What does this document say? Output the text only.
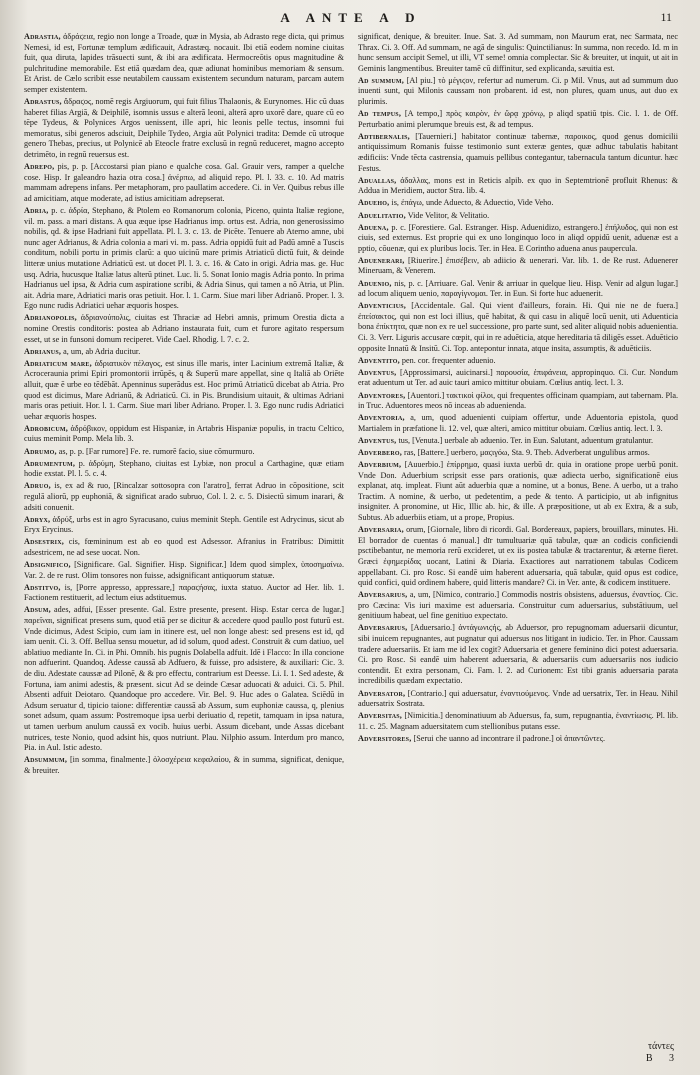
A ANTE A D	11

Adrastia, ἀδράϛεια, regio non longe a Troade, quæ in Mysia, ab Adrasto rege dicta, qui primus Nemesi, id est, Fortunæ templum ædificauit, Adrastæq. nocauit. Ibi etiā eodem nomine ciuitas fuit, qua diruta, lapides trāsuecti sunt, & ibi ara ædificata. Hermocreōtis opus magnitudine & pulchritudine memorabile. Est etiā quædam dea, quæ adiunat hominibus memoriam & sensum. Et Arist. de Cælo scribit esse neutabilem caussam existentem secundum naturam, parcam autem semper existentem.

Adrastus, ἄδραϛος, nomē regis Argiuorum, qui fuit filius Thalaonis, & Eurynomes. Hic cū duas haberet filias Argiā, & Deiphilē, isomnis ussus e alterā leoni, alterā apro uxorē dare, quare cū eo tēpe Tydeus, & Polynices Argos uenissent, ille apri, hic leonis pelle tectus, insomni fui memoratus, sibi generos adsciuit, Deiphile Tydeo, Argia aūt Polynici tradita: Demde cū utroque genero Thebas, precius, ut Polynicē ab Eteocle fratre exclusū in regnū reduceret, magno accepto detrimēto, in regnū reuersus est.

Adrepo, pis, p. p. [Accostarsi pian piano e qualche cosa. Gal. Grauir vers, ramper a quelche cose. Hisp. Ir galeandro hazia otra cosa.] ἀνέρπω, ad aliquid repo. Pl. l. 33. c. 10. Ad matris mammam adrepens infans. Per metaphoram, pro paullatim accedere. Ci. in Ver. Quibus rebus ille ad amicitiam, atque moderate, ad istius amicitiam adrepserat.

Adria, p. c. ἀδρία, Stephano, & Ptolem eo Romanorum colonia, Piceno, quinta Italiæ regione, vil. m. pass. a mari distans. A qua æque ipse Hadrianus imp. ortus est. Adria, non generosissimo nobilis, qd. & ipse Hadriani fuit appellata. Pl. l. 3. c. 13. de Picēte. Tenuere ab Aterno amne, ubi nunc ager Adrianus, & Adria colonia a mari vi. m. pass. Adria oppidū fuit ad Padū amnē a Tuscis conditum, nobili portu in primis clarū: a quo uicinū mare primis Atriaticū dictū fuit, & deinde litteræ unius mutatione Adriaticū est. ut docet Pl. l. 3. c. 16. & Cato in origi. Adria mas. ge. Huc usq. Adria, hucusque Italiæ latus alterū ptinet. Luc. li. 5. Sonat Ionio magis Adria ponto. In prima Hadrianus uel ipsa, & Adria cum aspiratione scribi, & Adria Sinus, qui tamen a nō Atria, ut Plin. ait. Adria mare, Adriatici maris oras petiuit. Hor. l. 1. Carm. Siue mari liber Adrianō. Proper. l. 3. Ego nunc rudis Adriatici uehar æquoris hospes.

Adrianopolis, ἀδριανούπολις, ciuitas est Thraciæ ad Hebri amnis, primum Orestia dicta a nomine Orestis conditoris: postea ab Adriano instaurata fuit, cum et furore agitato respersum esset, ut se in funsoni domum reciperet. Vide Cael. Rhodig. l. 7. c. 2.

Adrianus, a, um, ab Adria ducitur.

Adriaticum mare, ἀδριατικὸν πέλαγος, est sinus ille maris, inter Lacinium extremā Italiæ, & Acroceraunia primi Epiri promontorii irrūpēs, q & Superū mare appellat, sine q Italiā ab Oriēte alluit, quæ ē urbe eo tēdēbāt. Apenninus superādus est. Hoc primū Atriaticū dicebat ab Atria. Pro quod est dicimus, Mare Adrianū, & Adriaticū. Ci. in Pis. Brundisium uitauit, & ultimas Adriani maris oras petiuit. Hor. l. 1. Carm. Siue mari liber Adriano. Proper. l. 3. Ego nunc rudis Adriatici uehar æquoris hospes.

Adrobicum, ἀδρόβικον, oppidum est Hispaniæ, in Artabris Hispaniæ populis, in tractu Celtico, cuius meminit Pomp. Mela lib. 3.

Adrumo, as, p. p. [Far rumore] Fe. re. rumorē facio, siue cōmurmuro.

Adrumentum, p. ἀδρύμη, Stephano, ciuitas est Lybiæ, non procul a Carthagine, quæ etiam hodie exstat. Pl. l. 5. c. 4.

Adruo, is, ex ad & ruo, [Rincalzar sottosopra con l'aratro], ferrat Adruo in cōpositione, scit regulā aliorū, pp euphoniā, & significat arado subruo, Col. l. 2. c. 5. Disiectū simum inarari, & adsiti conuenit.

Adryx, ἀδρύξ, urbs est in agro Syracusano, cuius meminit Steph. Gentile est Adrycinus, sicut ab Eryx Erycinus.

Adsestrix, cis, fœmininum est ab eo quod est Adsessor. Afranius in Fratribus: Dimittit adsestricem, ne ad sese uocat. Non.

Adsignifico, [Significare. Gal. Signifier. Hisp. Significar.] Idem quod simplex, ὑποσημαίνω. Var. 2. de re rust. Olim tonsores non fuisse, adsignificant antiquorum statuæ.

Adstitvo, is, [Porre appresso, appressare,] παραϛήσας, iuxta statuo. Auctor ad Her. lib. 1. Factionem restituerit, ad lectum eius adstituemus.

Adsum, ades, adfui, [Esser presente. Gal. Estre presente, present. Hisp. Estar cerca de lugar.] παρεῖναι, significat presens sum, quod etiā per se dicitur & accedere quod paullo post futurū est. Vnde dicimus, Adest Scipio, cum iam in itinere est, uel non longe abest: sed presens est id, qd iam uenit. Ci. 3. Off. Bellua sensu mouetur, ad id solum, quod adest. Construit & cum datiuo, uel ablatiuo mediante In. Ci. in Phi. Omnib. his pugnis Dolabella adfuit. Idē i Flacco: In illa concione non adfuerint. Quandoq. Adesse caussā ab Adfuero, & fuisse, pro adsistere, & auxiliari: Cic. 3. de diu. Adestate caussæ ad Pilonē, & & pro effectu, contrarium est Deesse. Li. I. 1. Sed adeste, & Fortuna, iam animi adestis, & præsent. sicut Ad se deinde Cæsar aduocati & aduici. Ci. 5. Phil. Absenti adfuit Deiotaro. Quandoque pro accedere. Vir. Bel. 9. Huc ades o Galatea. Sciēdū in Adsum seruatur d, tipicio taione: differentiæ caussā ab Assum, sum euphoniæ caussa, q, plenius sonet adsum, quam assum: Postremoque ipsa uerbi deriuatio d, repetit, tamquam in ipsa natura, ut tamen uerbum anulum caussā ex vocib. huius uerbi. Assum dicebant, unde Assas dicebant nutrices, teste Nonio, quod adsint his, quos nutriunt. Plau. Nilphio assum. Interdum pro manco, Pia. in Aul. Istic adesto.

Adsummum, [in somma, finalmente.] ὁλοσχέρεια κεφαλαίου, & in summa, significat, denique, & breuiter.

significat, denique, & breuiter. Inue. Sat. 3. Ad summam, non Maurum erat, nec Sarmata, nec Thrax. Ci. 3. Off. Ad summam, ne agā de singulis: Quinctilianus: In summa, non recedo. Id. m in hunc sensum accipit Semel, ut illi, VT seme! omnia complectar. Sic & breuiter, ut inquit, ut ait in Geminis langmentibus. Breuiter tamē cū diffinitur, sed explicanda, sæuitia est.

Ad summum, [Al piu.] τὸ μέγιϛον, refertur ad numerum. Ci. p Mil. Vnus, aut ad summum duo inuenti sunt, qui Milonis caussam non probarent. id est, non plures, quam unus, aut duo ex plurimis.

Ad tempus, [A tempo,] πρὸς καιρὸν, ἐν ὥρᾳ χρόνῳ, p aliqd spatiū tpis. Cic. l. 1. de Off. Perturbatio animi plerumque breuis est, & ad tempus.

Adtibernalis, [Tauernieri.] habitator continuæ tabernæ, παροικος, quod genus domicilii antiquissimum Romanis fuisse testimonio sunt exteræ gentes, quæ adhuc tabulatis habitant ædificiis: Vnde tēcta castrensia, quamuis pellibus contegantur, tabernacula tantum dicuntur. hæc Festus.

Aduallas, ἀδαλλας, mons est in Reticis alpib. ex quo in Septemtrionē profluit Rhenus: & Addua in Meridiem, auctor Stra. lib. 4.

Adueho, is, ἐπάγω, unde Aduecto, & Aduectio, Vide Veho.

Aduelitatio, Vide Velitor, & Velitatio.

Aduena, p. c. [Forestiere. Gal. Estranger. Hisp. Aduenidizo, estrangero.] ἐπήλυδος, qui non est ciuis, sed externus. Est proprie qui ex uno longinquo loco in aliqd oppidū uenit, aduenæ est a pptio, cōuenæ, qui ex pluribus locis. Ter. in Hea. E Corintho aduena anus paupercula.

Aduenerari, [Riuerire.] ἐπισέβειν, ab adiicio & uenerari. Var. lib. 1. de Re rust. Aduenerer Mineruam, & Venerem.

Aduenio, nis, p. c. [Arriuare. Gal. Venir & arriuar in quelque lieu. Hisp. Venir ad algun lugar.] ad locum aliquem uenio, παραγίγνομαι. Ter. in Eun. Si forte huc aduenerit.

Adventicius, [Accidentale. Gal. Qui vient d'ailleurs, forain. Hi. Qui nie ne de fuera.] ἐπείσακτος, qui non est loci illius, quē habitat, & qui casu in aliquē locū uenit, uti Aduenticia bona ἐπίκτητα, quæ non ex re uel successione, pro parte sunt, sed aliter aliquid nobis aduenientia. Ci. 3. Verr. Liguris accusare cœpit, qui in re aduēticia, atque hereditaria tā diligēs esset. Aduēticio opposite Innatū & Insitū. Ci. Top. antepontur innata, atque insita, assumptis, & aduēticiis.

Adventito, pen. cor. frequenter aduenio.

Adventus, [Approssimarsi, auicinarsi.] παρουσία, ἐπιφάνεια, appropinquo. Ci. Cur. Nondum erat aduentum ut Ter. ad auic tauri amico mittitur obuiam. Cœlius antiq. lect. l. 3.

Adventores, [Auentori.] τακτικοὶ φίλοι, qui frequentes officinam quampiam, aut tabernam. Pla. in Truc. Aduentores meos nō inceas ab aduenienda.

Adventoria, a, um, quod aduenienti cuipiam offertur, unde Aduentoria epistola, quod Martialem in præfatione li. 12. vel, quæ alteri, amico mittitur obuiam. Cœlius antiq. lect. l. 3.

Adventus, tus, [Venuta.] uerbale ab aduenio. Ter. in Eun. Salutant, aduentum gratulantur.

Adverbero, ras, [Battere.] uerbero, μαϛιγόω, Sta. 9. Theb. Adverberat ungulibus armos.

Adverbium, [Auuerbio.] ἐπίρρημα, quasi iuxta uerbū dr. quia in oratione prope uerbū ponit. Vnde Don. Aduerbium scripsit esse pars orationis, quæ adiecta uerbo, significationē eius explanat, atq. impleat. Fiunt aūt aduerbia quæ a nomine, ut a bonus, Bene. A uerbo, ut a traho Tractim. A nomine, & uerbo, ut pedetentim, a pede & tento. A participio, ut ab infignitus insigniter. A pronomine, ut Hic, Illic ab. hic, & ille. A præpositione, ut ab ex Extra, & a sub, Subtus. Ab aduerbiis etiam, ut a prope, Propius.

Adversaria, orum, [Giornale, libro di ricordi. Gal. Bordereaux, papiers, brouillars, minutes. Hi. El borrador de cuentas ó manual.] dīr tumultuariæ quā tabulæ, quæ an codicis conficiendi psctibebantur, ne memoria rerū excideret, ut ex iis postea tabulæ & tractarentur, & æterne fieret. Græci ἐφημερίδας uocant, Latini & Diaria. Exactiores aut narrationem tabulas Codicem appellabant. Ci. pro Rosc. Si eandē uim haberent aduersaria, quā tabulæ, quid opus est codice, quid confici, quid ordinem habere, quid litteris mandare? Ci. in Ver. ante, & codicem instituere.

Adversarius, a, um, [Nimico, contrario.] Commodis nostris obsistens, aduersus, ἐναντίος. Cic. pro Cæcina: Vis iuri maxime est aduersaria. Construitur cum aduersarius, substātiuum, uel genitiuum habeat, uel fine genitiuo expectato.

Adversarius, [Aduersario.] ἀντάγωνιϛής, ab Aduersor, pro repugnomam aduersarii dicuntur, sibi inuicem repugnantes, aut pugnatur qui aduersus nos litigant in iudicio. Ter. in Phor. Caussam tradere aduersariis. Et iam me id lex cogit? Aduersaria et genere feminino dici potest aduersaria. Ci. pro Rosc. Si eandē uim haberent aduersaria, & aduersariis cum aduersariis nos iudicio contendit. Et extra personam, Ci. Fam. l. 2. ad Curionem: Est tibi granis aduersaria parata incredibilis quædam expectatio.

Adversator, [Contrario.] qui aduersatur, ἐναντιούμενος. Vnde ad uersatrix, Ter. in Heau. Nihil aduersatrix Sostrata.

Adversitas, [Nimicitia.] denominatiuum ab Aduersus, fa, sum, repugnantia, ἐναντίωσις. Pl. lib. 11. c. 25. Magnam aduersitatem cum stellionibus putans esse.

Adversitores, [Serui che uanno ad incontrare il padrone.] οἱ ἀπαντῶντες.

τάντες
B 3
